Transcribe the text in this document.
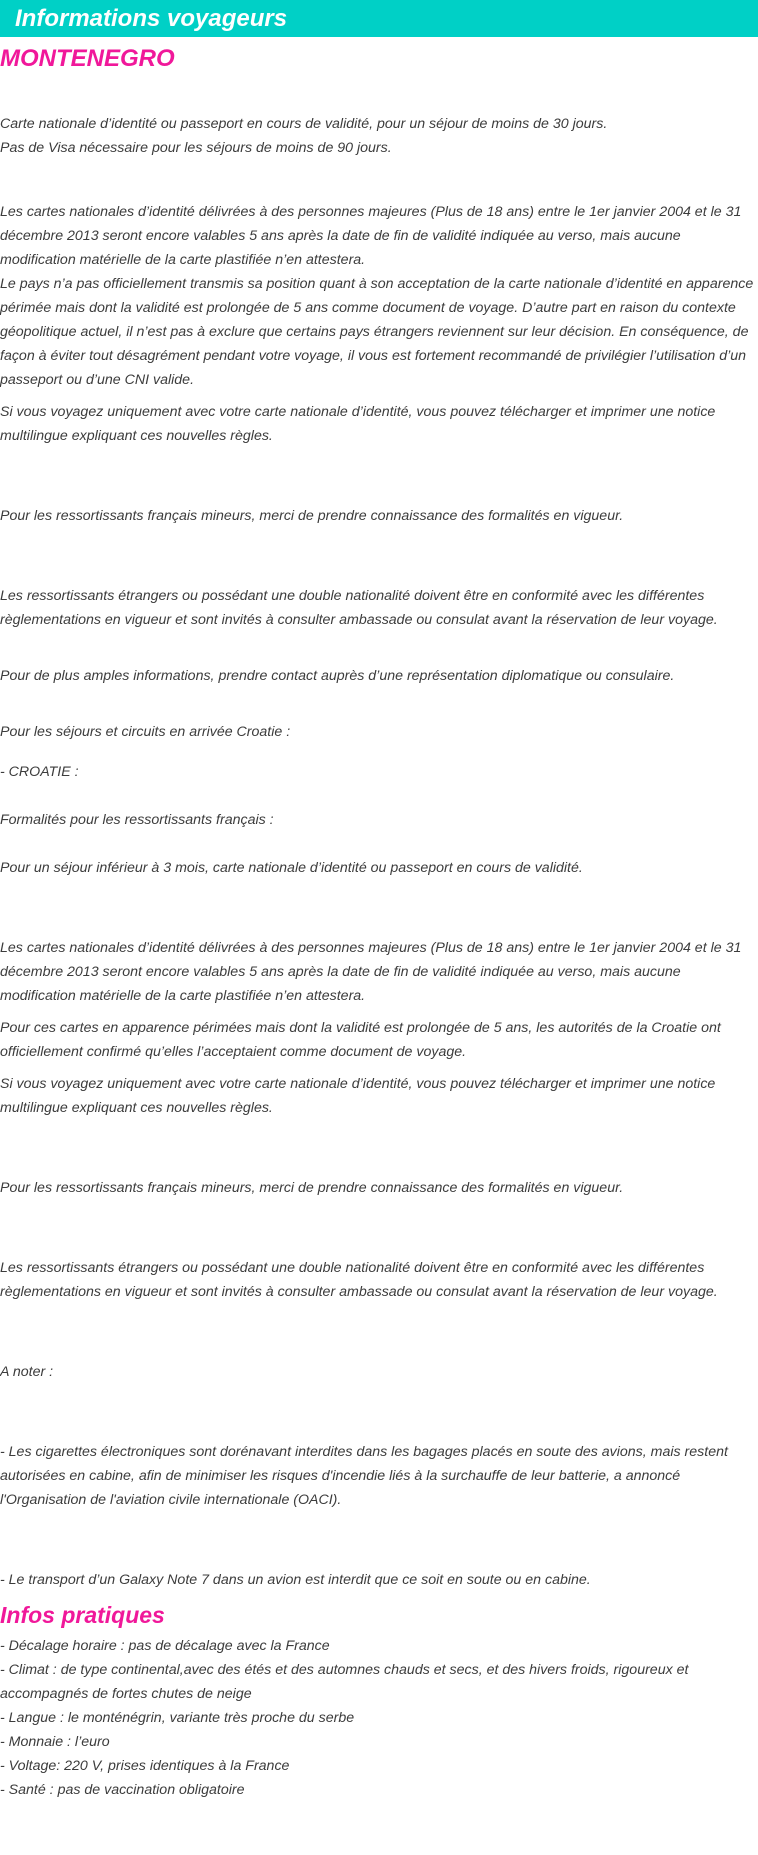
Informations voyageurs
MONTENEGRO

Carte nationale d’identité ou passeport en cours de validité, pour un séjour de moins de 30 jours.

Pas de Visa nécessaire pour les séjours de moins de 90 jours.

Les cartes nationales d’identité délivrées à des personnes majeures (Plus de 18 ans) entre le 1er janvier 2004 et le 31 décembre 2013 seront encore valables 5 ans après la date de fin de validité indiquée au verso, mais aucune modification matérielle de la carte plastifiée n’en attestera.

Le pays n’a pas officiellement transmis sa position quant à son acceptation de la carte nationale d’identité en apparence périmée mais dont la validité est prolongée de 5 ans comme document de voyage. D’autre part en raison du contexte géopolitique actuel, il n’est pas à exclure que certains pays étrangers reviennent sur leur décision. En conséquence, de façon à éviter tout désagrément pendant votre voyage, il vous est fortement recommandé de privilégier l’utilisation d’un passeport ou d’une CNI valide.

Si vous voyagez uniquement avec votre carte nationale d’identité, vous pouvez télécharger et imprimer une notice multilingue expliquant ces nouvelles règles.

Pour les ressortissants français mineurs, merci de prendre connaissance des formalités en vigueur.

Les ressortissants étrangers ou possédant une double nationalité doivent être en conformité avec les différentes règlementations en vigueur et sont invités à consulter ambassade ou consulat avant la réservation de leur voyage.

Pour de plus amples informations, prendre contact auprès d’une représentation diplomatique ou consulaire.

Pour les séjours et circuits en arrivée Croatie :

- CROATIE :

Formalités pour les ressortissants français :

Pour un séjour inférieur à 3 mois, carte nationale d’identité ou passeport en cours de validité.

Les cartes nationales d’identité délivrées à des personnes majeures (Plus de 18 ans) entre le 1er janvier 2004 et le 31 décembre 2013 seront encore valables 5 ans après la date de fin de validité indiquée au verso, mais aucune modification matérielle de la carte plastifiée n’en attestera.

Pour ces cartes en apparence périmées mais dont la validité est prolongée de 5 ans, les autorités de la Croatie ont officiellement confirmé qu’elles l’acceptaient comme document de voyage.

Si vous voyagez uniquement avec votre carte nationale d’identité, vous pouvez télécharger et imprimer une notice multilingue expliquant ces nouvelles règles.

Pour les ressortissants français mineurs, merci de prendre connaissance des formalités en vigueur.

Les ressortissants étrangers ou possédant une double nationalité doivent être en conformité avec les différentes règlementations en vigueur et sont invités à consulter ambassade ou consulat avant la réservation de leur voyage.

A noter :

- Les cigarettes électroniques sont dorénavant interdites dans les bagages placés en soute des avions, mais restent autorisées en cabine, afin de minimiser les risques d'incendie liés à la surchauffe de leur batterie, a annoncé l'Organisation de l'aviation civile internationale (OACI).

- Le transport d’un Galaxy Note 7 dans un avion est interdit que ce soit en soute ou en cabine.

Infos pratiques

- Décalage horaire : pas de décalage avec la France

- Climat : de type continental,avec des étés et des automnes chauds et secs, et des hivers froids, rigoureux et accompagnés de fortes chutes de neige

- Langue : le monténégrin, variante très proche du serbe

- Monnaie : l’euro

- Voltage: 220 V, prises identiques à la France

- Santé : pas de vaccination obligatoire
